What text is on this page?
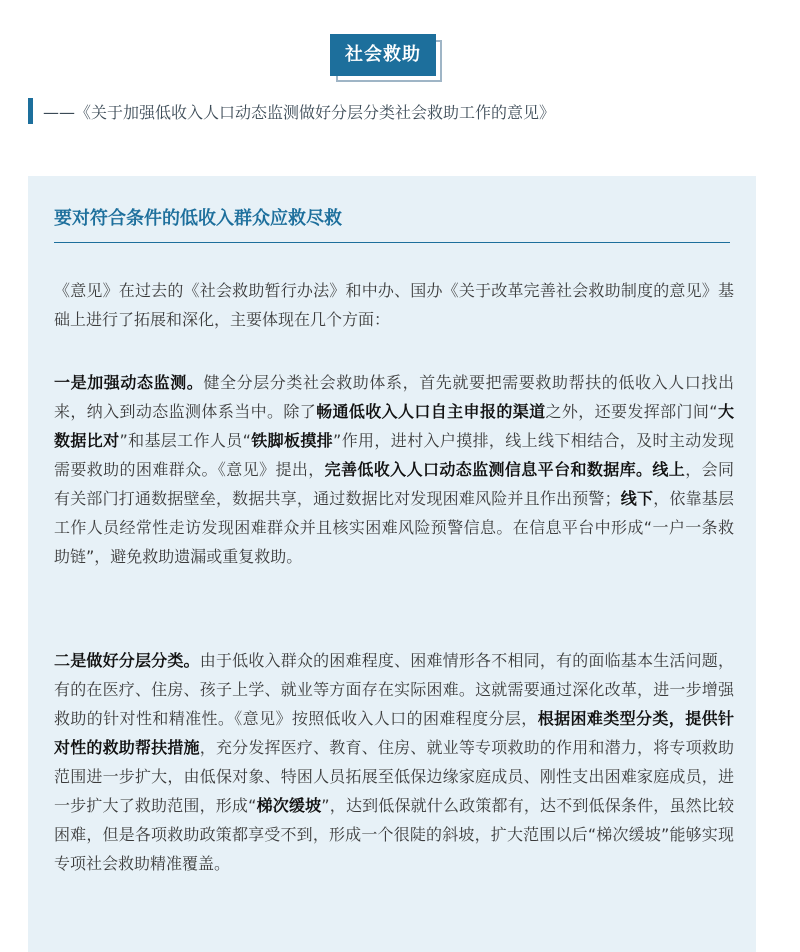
社会救助
——《关于加强低收入人口动态监测做好分层分类社会救助工作的意见》
要对符合条件的低收入群众应救尽救
《意见》在过去的《社会救助暂行办法》和中办、国办《关于改革完善社会救助制度的意见》基础上进行了拓展和深化，主要体现在几个方面：
一是加强动态监测。健全分层分类社会救助体系，首先就要把需要救助帮扶的低收入人口找出来，纳入到动态监测体系当中。除了畅通低收入人口自主申报的渠道之外，还要发挥部门间“大数据比对”和基层工作人员“铁脚板摸排”作用，进村入户摸排，线上线下相结合，及时主动发现需要救助的困难群众。《意见》提出，完善低收入人口动态监测信息平台和数据库。线上，会同有关部门打通数据壁垒，数据共享，通过数据比对发现困难风险并且作出预警；线下，依靠基层工作人员经常性走访发现困难群众并且核实困难风险预警信息。在信息平台中形成“一户一条救助链”，避免救助遗漏或重复救助。
二是做好分层分类。由于低收入群众的困难程度、困难情形各不相同，有的面临基本生活问题，有的在医疗、住房、孩子上学、就业等方面存在实际困难。这就需要通过深化改革，进一步增强救助的针对性和精准性。《意见》按照低收入人口的困难程度分层，根据困难类型分类，提供针对性的救助帮扶措施，充分发挥医疗、教育、住房、就业等专项救助的作用和潜力，将专项救助范围进一步扩大，由低保对象、特困人员拓展至低保边缘家庭成员、刚性支出困难家庭成员，进一步扩大了救助范围，形成“梯次缓坡”，达到低保就什么政策都有，达不到低保条件，虽然比较困难，但是各项救助政策都享受不到，形成一个很陡的斜坡，扩大范围以后“梯次缓坡”能够实现专项社会救助精准覆盖。
